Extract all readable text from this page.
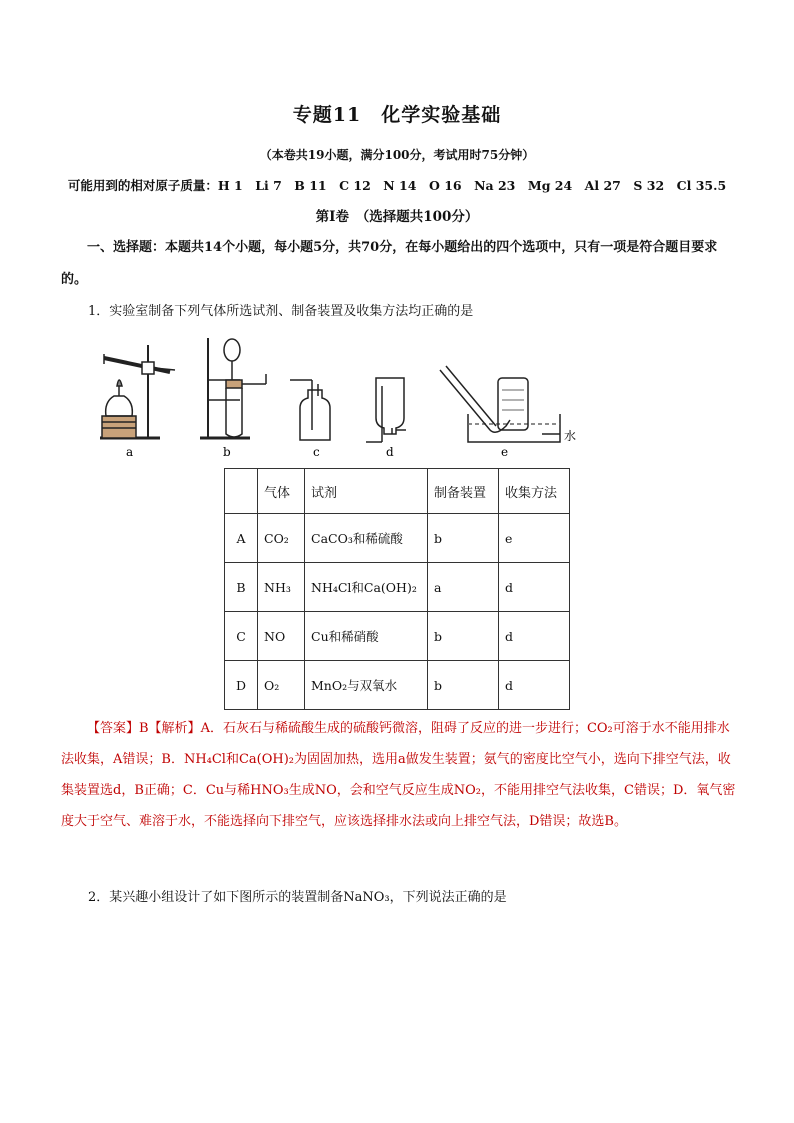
专题11　化学实验基础
（本卷共19小题，满分100分，考试用时75分钟）
可能用到的相对原子质量：H 1　Li 7　B 11　C 12　N 14　O 16　Na 23　Mg 24　Al 27　S 32　Cl 35.5
第Ⅰ卷　（选择题共100分）
一、选择题：本题共14个小题，每小题5分，共70分，在每小题给出的四个选项中，只有一项是符合题目要求的。
1．实验室制备下列气体所选试剂、制备装置及收集方法均正确的是
a	b	c	d	e
水
	气体	试剂	制备装置	收集方法
A	CO₂	CaCO₃和稀硫酸	b	e
B	NH₃	NH₄Cl和Ca(OH)₂	a	d
C	NO	Cu和稀硝酸	b	d
D	O₂	MnO₂与双氧水	b	d
【答案】B【解析】A．石灰石与稀硫酸生成的硫酸钙微溶，阻碍了反应的进一步进行；CO₂可溶于水不能用排水法收集，A错误；B．NH₄Cl和Ca(OH)₂为固固加热，选用a做发生装置；氨气的密度比空气小，选向下排空气法，收集装置选d，B正确；C．Cu与稀HNO₃生成NO，会和空气反应生成NO₂，不能用排空气法收集，C错误；D．氧气密度大于空气、难溶于水，不能选择向下排空气，应该选择排水法或向上排空气法，D错误；故选B。
2．某兴趣小组设计了如下图所示的装置制备NaNO₃，下列说法正确的是
